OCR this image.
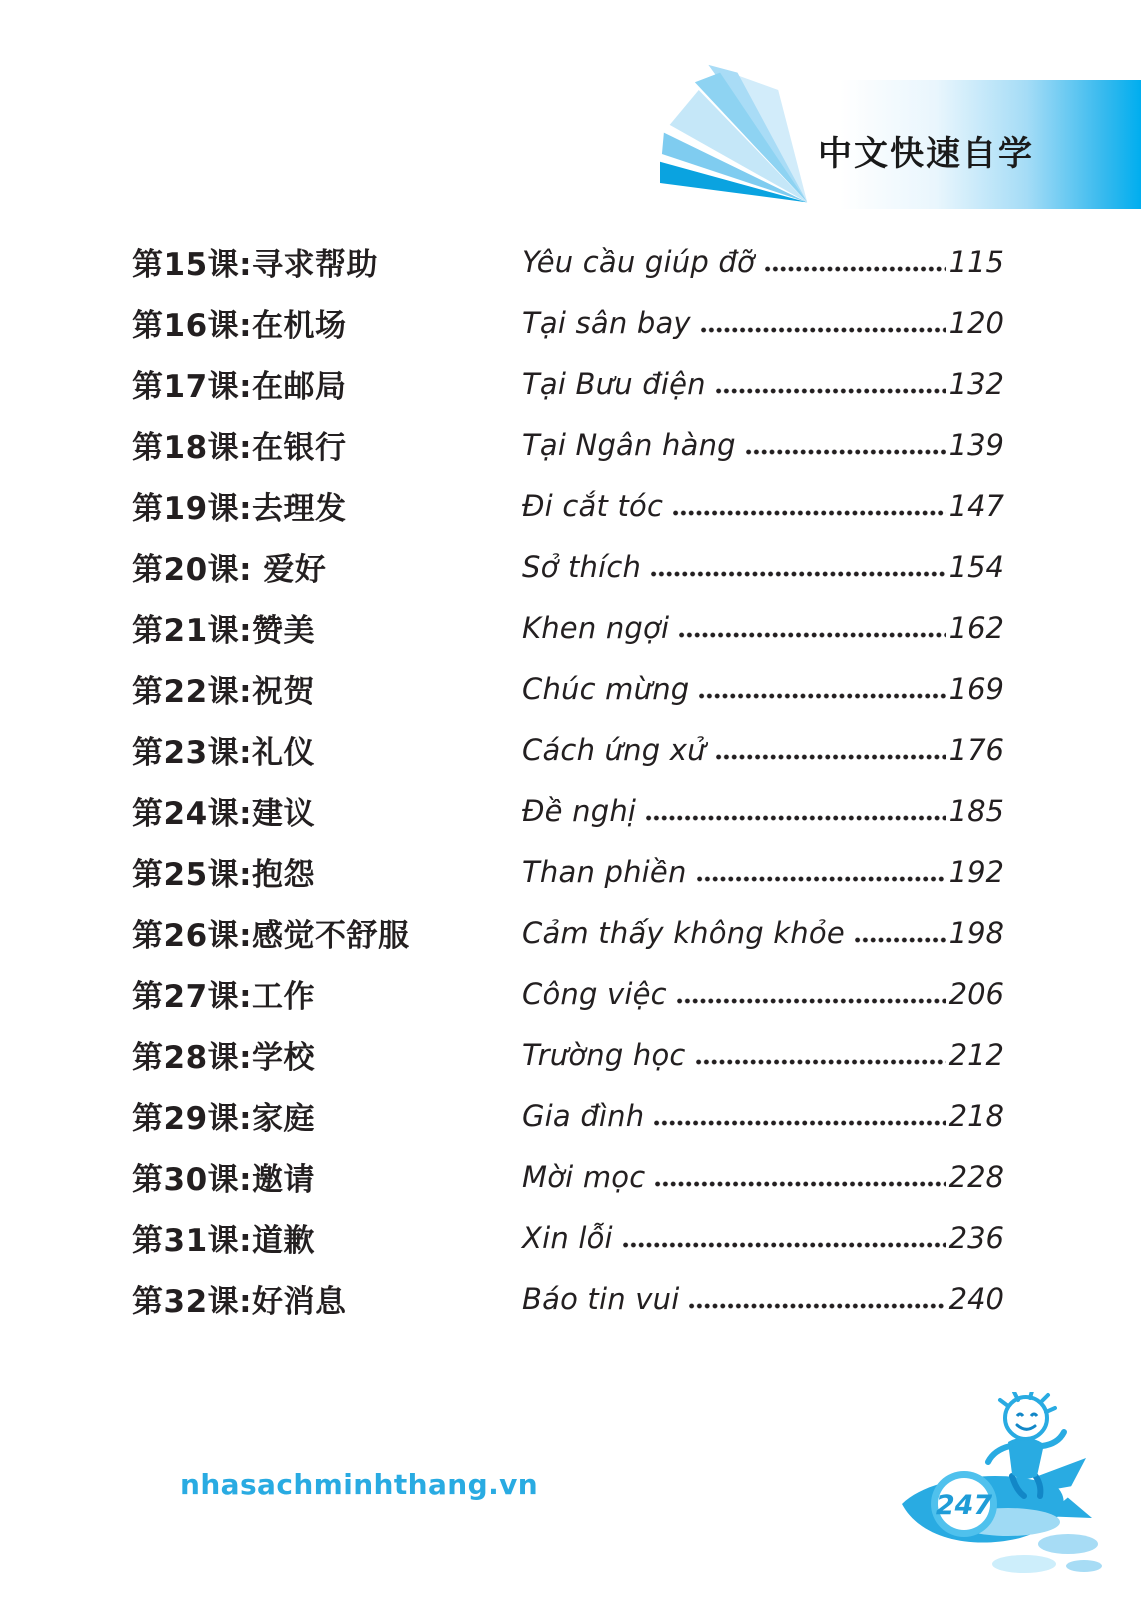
中文快速自学
第15课:寻求帮助	Yêu cầu giúp đỡ	115
第16课:在机场	Tại sân bay	120
第17课:在邮局	Tại Bưu điện	132
第18课:在银行	Tại Ngân hàng	139
第19课:去理发	Đi cắt tóc	147
第20课: 爱好	Sở thích	154
第21课:赞美	Khen ngợi	162
第22课:祝贺	Chúc mừng	169
第23课:礼仪	Cách ứng xử	176
第24课:建议	Đề nghị	185
第25课:抱怨	Than phiền	192
第26课:感觉不舒服	Cảm thấy không khỏe	198
第27课:工作	Công việc	206
第28课:学校	Trường học	212
第29课:家庭	Gia đình	218
第30课:邀请	Mời mọc	228
第31课:道歉	Xin lỗi	236
第32课:好消息	Báo tin vui	240
nhasachminhthang.vn
247
